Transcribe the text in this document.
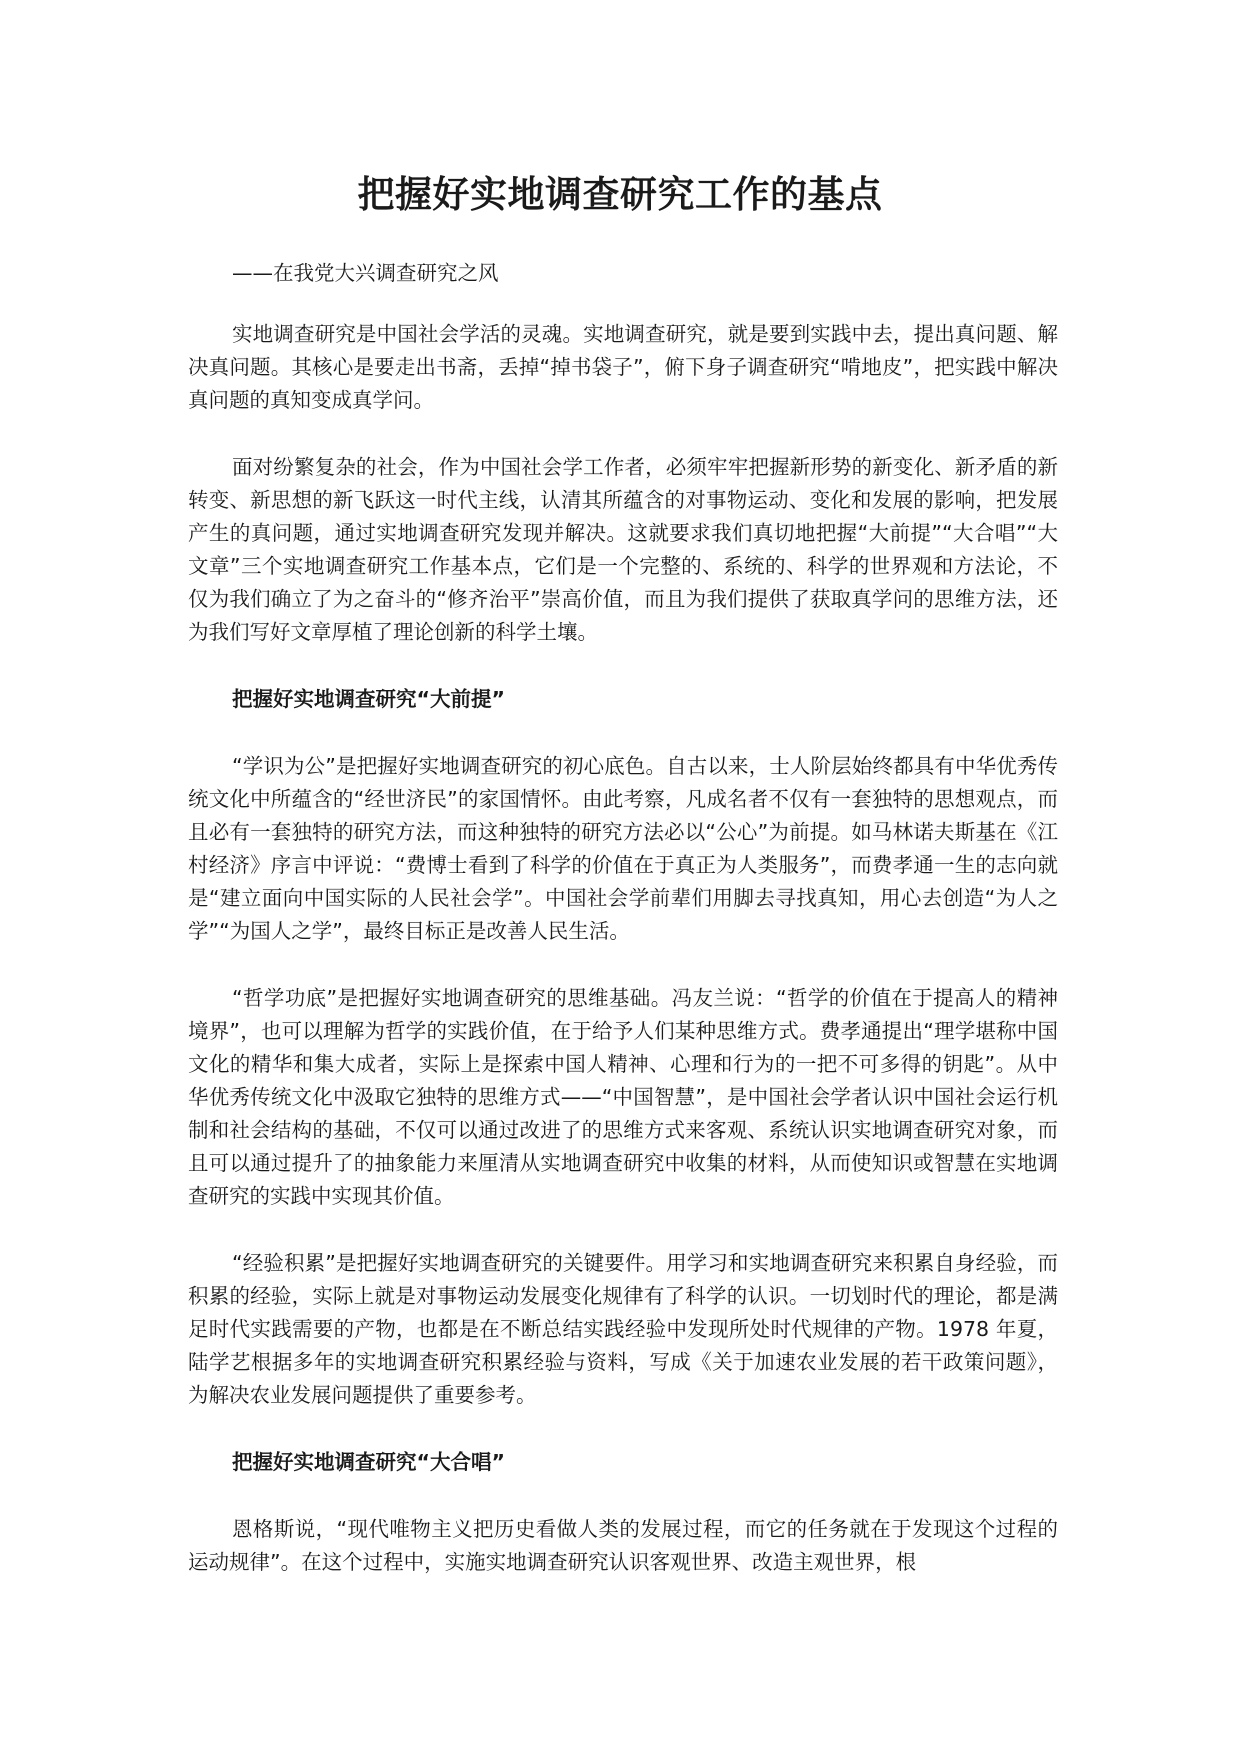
把握好实地调查研究工作的基点

——在我党大兴调查研究之风

实地调查研究是中国社会学活的灵魂。实地调查研究，就是要到实践中去，提出真问题、解决真问题。其核心是要走出书斋，丢掉“掉书袋子”，俯下身子调查研究“啃地皮”，把实践中解决真问题的真知变成真学问。

面对纷繁复杂的社会，作为中国社会学工作者，必须牢牢把握新形势的新变化、新矛盾的新转变、新思想的新飞跃这一时代主线，认清其所蕴含的对事物运动、变化和发展的影响，把发展产生的真问题，通过实地调查研究发现并解决。这就要求我们真切地把握“大前提”“大合唱”“大文章”三个实地调查研究工作基本点，它们是一个完整的、系统的、科学的世界观和方法论，不仅为我们确立了为之奋斗的“修齐治平”崇高价值，而且为我们提供了获取真学问的思维方法，还为我们写好文章厚植了理论创新的科学土壤。

把握好实地调查研究“大前提”

“学识为公”是把握好实地调查研究的初心底色。自古以来，士人阶层始终都具有中华优秀传统文化中所蕴含的“经世济民”的家国情怀。由此考察，凡成名者不仅有一套独特的思想观点，而且必有一套独特的研究方法，而这种独特的研究方法必以“公心”为前提。如马林诺夫斯基在《江村经济》序言中评说：“费博士看到了科学的价值在于真正为人类服务”，而费孝通一生的志向就是“建立面向中国实际的人民社会学”。中国社会学前辈们用脚去寻找真知，用心去创造“为人之学”“为国人之学”，最终目标正是改善人民生活。

“哲学功底”是把握好实地调查研究的思维基础。冯友兰说：“哲学的价值在于提高人的精神境界”，也可以理解为哲学的实践价值，在于给予人们某种思维方式。费孝通提出“理学堪称中国文化的精华和集大成者，实际上是探索中国人精神、心理和行为的一把不可多得的钥匙”。从中华优秀传统文化中汲取它独特的思维方式——“中国智慧”，是中国社会学者认识中国社会运行机制和社会结构的基础，不仅可以通过改进了的思维方式来客观、系统认识实地调查研究对象，而且可以通过提升了的抽象能力来厘清从实地调查研究中收集的材料，从而使知识或智慧在实地调查研究的实践中实现其价值。

“经验积累”是把握好实地调查研究的关键要件。用学习和实地调查研究来积累自身经验，而积累的经验，实际上就是对事物运动发展变化规律有了科学的认识。一切划时代的理论，都是满足时代实践需要的产物，也都是在不断总结实践经验中发现所处时代规律的产物。1978 年夏，陆学艺根据多年的实地调查研究积累经验与资料，写成《关于加速农业发展的若干政策问题》，为解决农业发展问题提供了重要参考。

把握好实地调查研究“大合唱”

恩格斯说，“现代唯物主义把历史看做人类的发展过程，而它的任务就在于发现这个过程的运动规律”。在这个过程中，实施实地调查研究认识客观世界、改造主观世界，根
